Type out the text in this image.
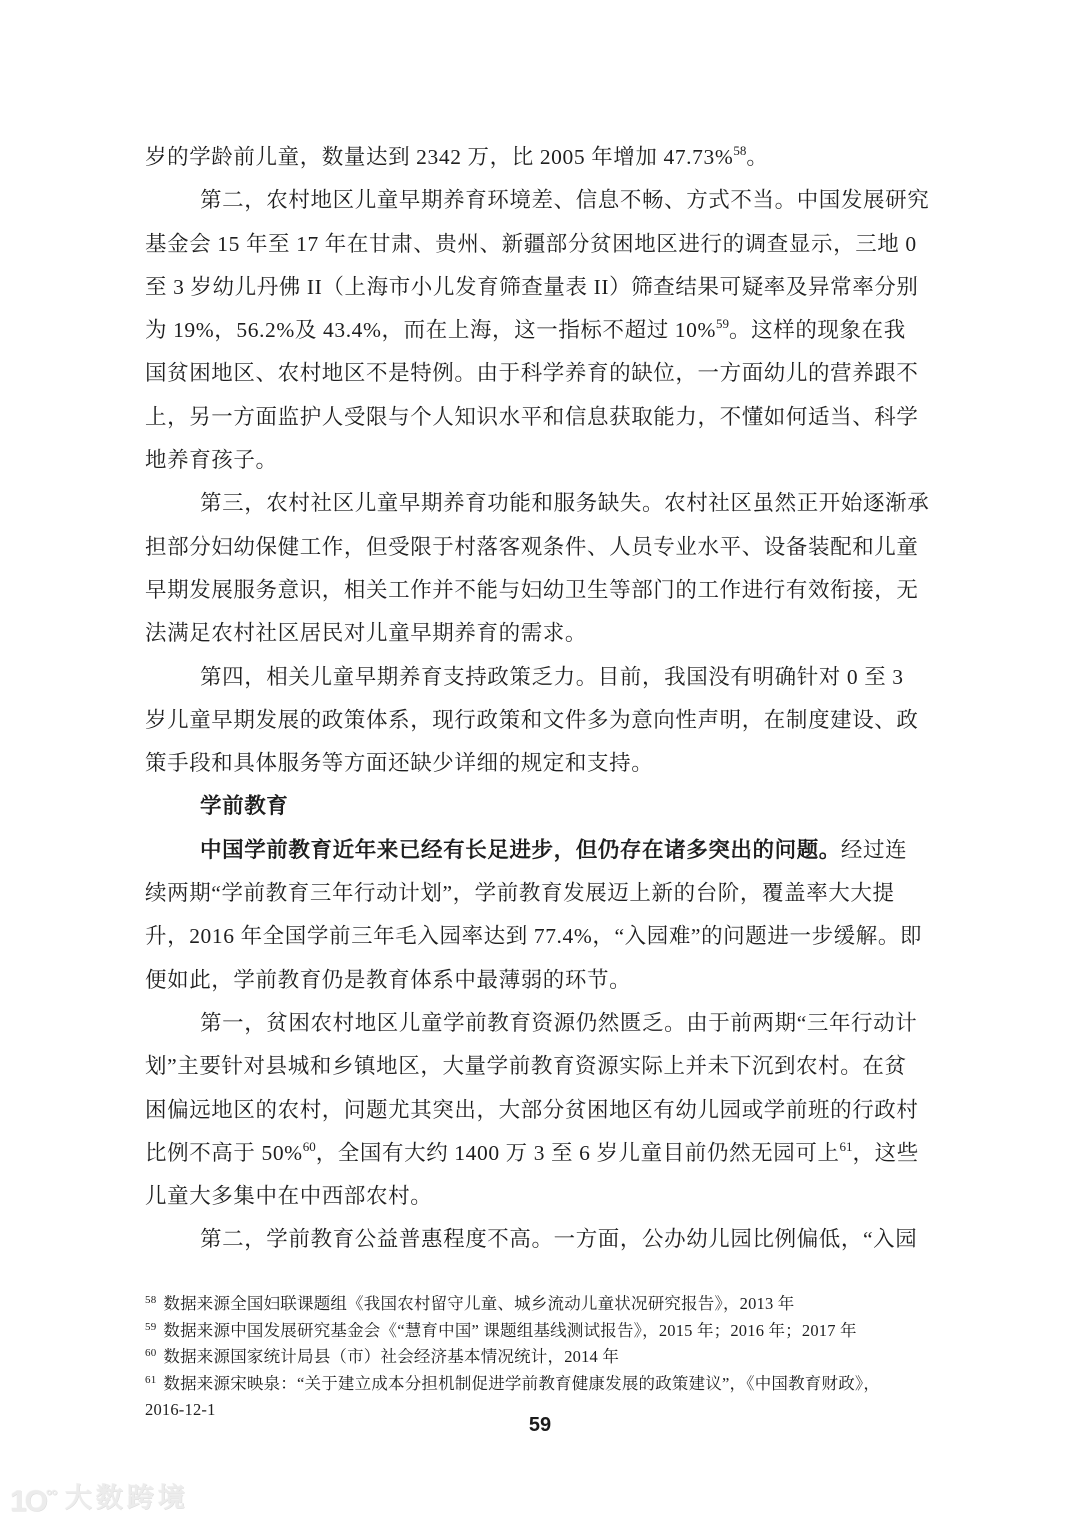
岁的学龄前儿童，数量达到 2342 万，比 2005 年增加 47.73%$^{58}$。
第二，农村地区儿童早期养育环境差、信息不畅、方式不当。中国发展研究
基金会 15 年至 17 年在甘肃、贵州、新疆部分贫困地区进行的调查显示，三地 0
至 3 岁幼儿丹佛 II（上海市小儿发育筛查量表 II）筛查结果可疑率及异常率分别
为 19%，56.2%及 43.4%，而在上海，这一指标不超过 10%$^{59}$。这样的现象在我
国贫困地区、农村地区不是特例。由于科学养育的缺位，一方面幼儿的营养跟不
上，另一方面监护人受限与个人知识水平和信息获取能力，不懂如何适当、科学
地养育孩子。
第三，农村社区儿童早期养育功能和服务缺失。农村社区虽然正开始逐渐承
担部分妇幼保健工作，但受限于村落客观条件、人员专业水平、设备装配和儿童
早期发展服务意识，相关工作并不能与妇幼卫生等部门的工作进行有效衔接，无
法满足农村社区居民对儿童早期养育的需求。
第四，相关儿童早期养育支持政策乏力。目前，我国没有明确针对 0 至 3
岁儿童早期发展的政策体系，现行政策和文件多为意向性声明，在制度建设、政
策手段和具体服务等方面还缺少详细的规定和支持。
学前教育
中国学前教育近年来已经有长足进步，但仍存在诸多突出的问题。经过连
续两期“学前教育三年行动计划”，学前教育发展迈上新的台阶，覆盖率大大提
升，2016 年全国学前三年毛入园率达到 77.4%，“入园难”的问题进一步缓解。即
便如此，学前教育仍是教育体系中最薄弱的环节。
第一，贫困农村地区儿童学前教育资源仍然匮乏。由于前两期“三年行动计
划”主要针对县城和乡镇地区，大量学前教育资源实际上并未下沉到农村。在贫
困偏远地区的农村，问题尤其突出，大部分贫困地区有幼儿园或学前班的行政村
比例不高于 50%$^{60}$，全国有大约 1400 万 3 至 6 岁儿童目前仍然无园可上$^{61}$，这些
儿童大多集中在中西部农村。
第二，学前教育公益普惠程度不高。一方面，公办幼儿园比例偏低，“入园
$^{58}$ 数据来源全国妇联课题组《我国农村留守儿童、城乡流动儿童状况研究报告》，2013 年
$^{59}$ 数据来源中国发展研究基金会《“慧育中国” 课题组基线测试报告》，2015 年；2016 年；2017 年
$^{60}$ 数据来源国家统计局县（市）社会经济基本情况统计，2014 年
$^{61}$ 数据来源宋映泉：“关于建立成本分担机制促进学前教育健康发展的政策建议”，《中国教育财政》，
2016-12-1
59
1O°° 大数跨境
